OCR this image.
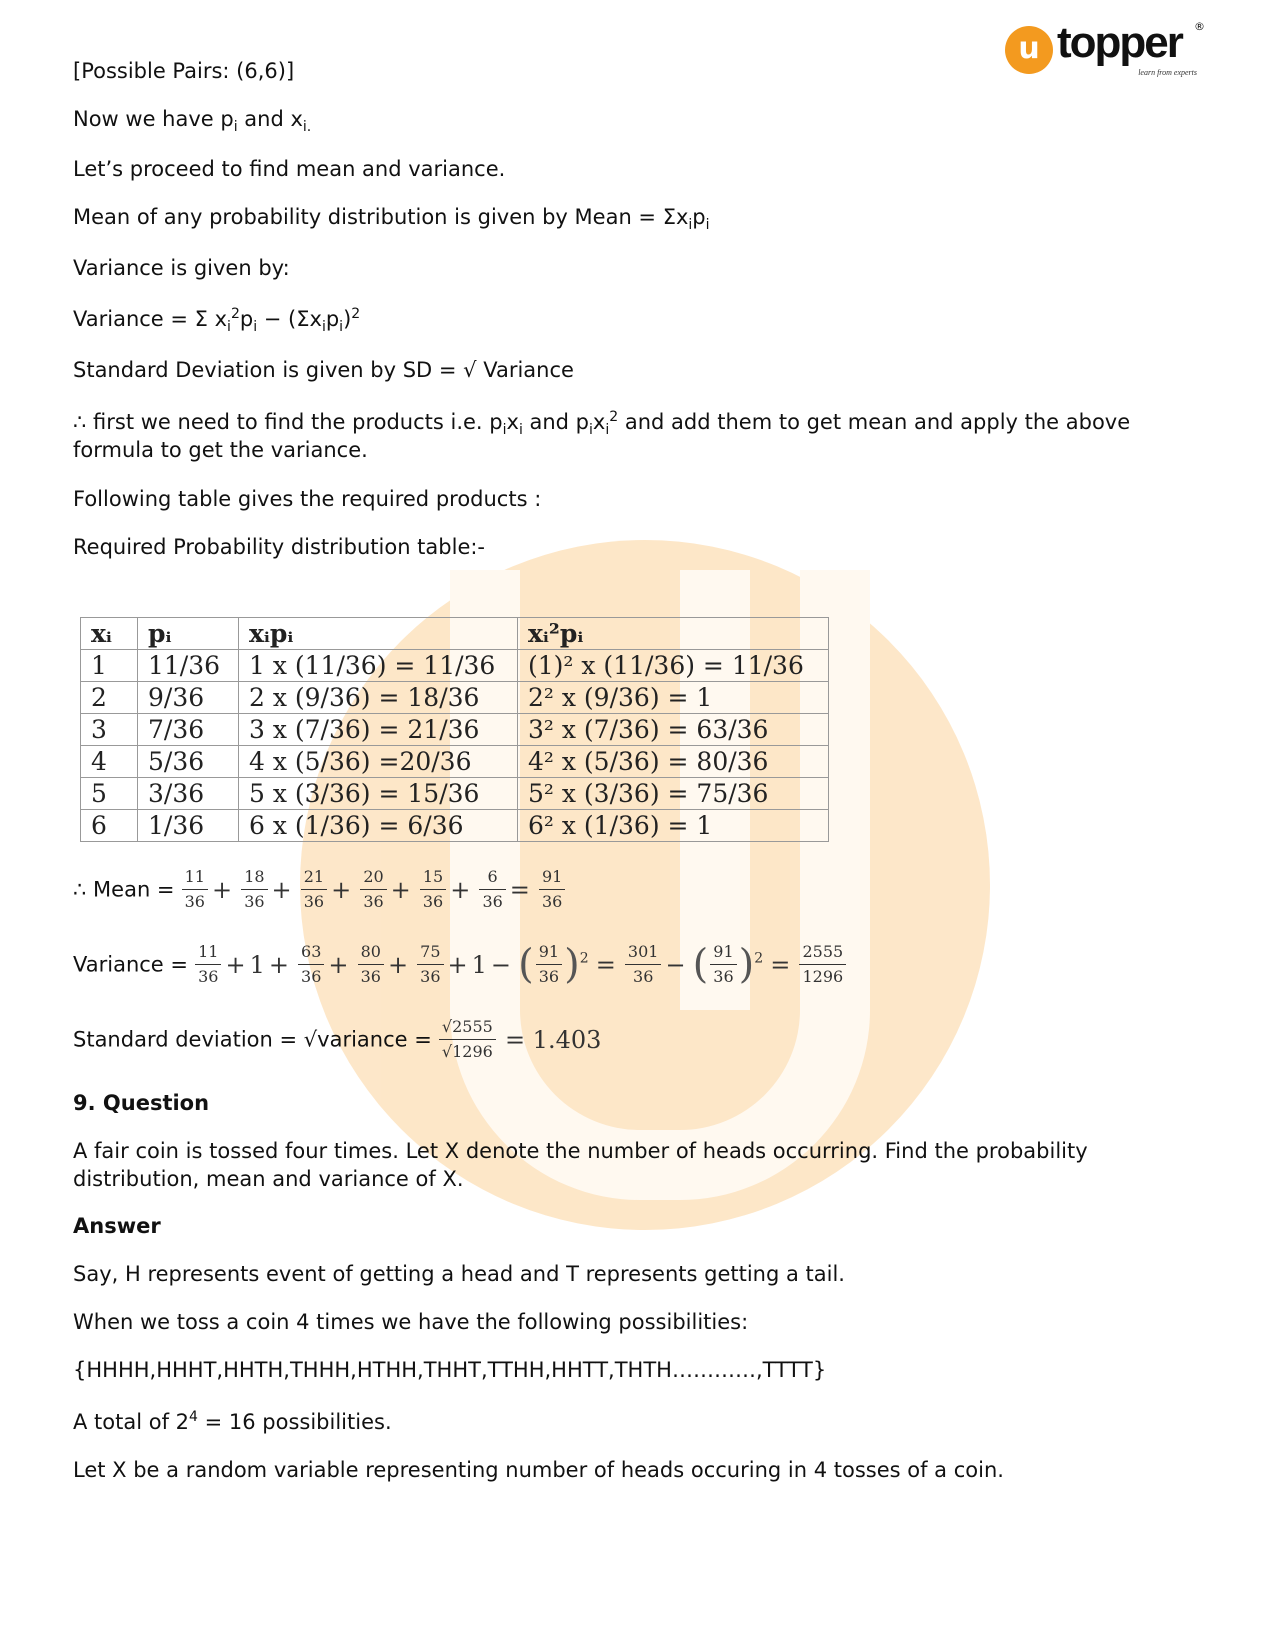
u topper ®
learn from experts

[Possible Pairs: (6,6)]

Now we have $p_i$ and $x_{i.}$

Let’s proceed to find mean and variance.

Mean of any probability distribution is given by Mean = $\Sigma x_ip_i$

Variance is given by:

Variance = Σ $x_i^2p_i - (\Sigma x_ip_i)^2$

Standard Deviation is given by SD = √ Variance

∴ first we need to find the products i.e. $p_ix_i$ and $p_ix_i^2$ and add them to get mean and apply the above formula to get the variance.

Following table gives the required products :

Required Probability distribution table:-

xᵢ	pᵢ	xᵢpᵢ	xᵢ²pᵢ
1	11/36	1 x (11/36) = 11/36	(1)² x (11/36) = 11/36
2	9/36	2 x (9/36) = 18/36	2² x (9/36) = 1
3	7/36	3 x (7/36) = 21/36	3² x (7/36) = 63/36
4	5/36	4 x (5/36) =20/36	4² x (5/36) = 80/36
5	3/36	5 x (3/36) = 15/36	5² x (3/36) = 75/36
6	1/36	6 x (1/36) = 6/36	6² x (1/36) = 1
∴ Mean = $\frac{11}{36} + \frac{18}{36} + \frac{21}{36} + \frac{20}{36} + \frac{15}{36} + \frac{6}{36} = \frac{91}{36}$
Variance = $\frac{11}{36} + 1 + \frac{63}{36} + \frac{80}{36} + \frac{75}{36} + 1$ − ( $\frac{91}{36} )^2 = \frac{301}{36}$ − ( $\frac{91}{36} )^2 = \frac{2555}{1296}$
Standard deviation = √variance = $\frac{√2555}{√1296} = 1.403$

9. Question

A fair coin is tossed four times. Let X denote the number of heads occurring. Find the probability distribution, mean and variance of X.

Answer

Say, H represents event of getting a head and T represents getting a tail.

When we toss a coin 4 times we have the following possibilities:

{HHHH,HHHT,HHTH,THHH,HTHH,THHT,TTHH,HHTT,THTH…………,TTTT}

A total of $2^4 = 16$ possibilities.

Let X be a random variable representing number of heads occuring in 4 tosses of a coin.
